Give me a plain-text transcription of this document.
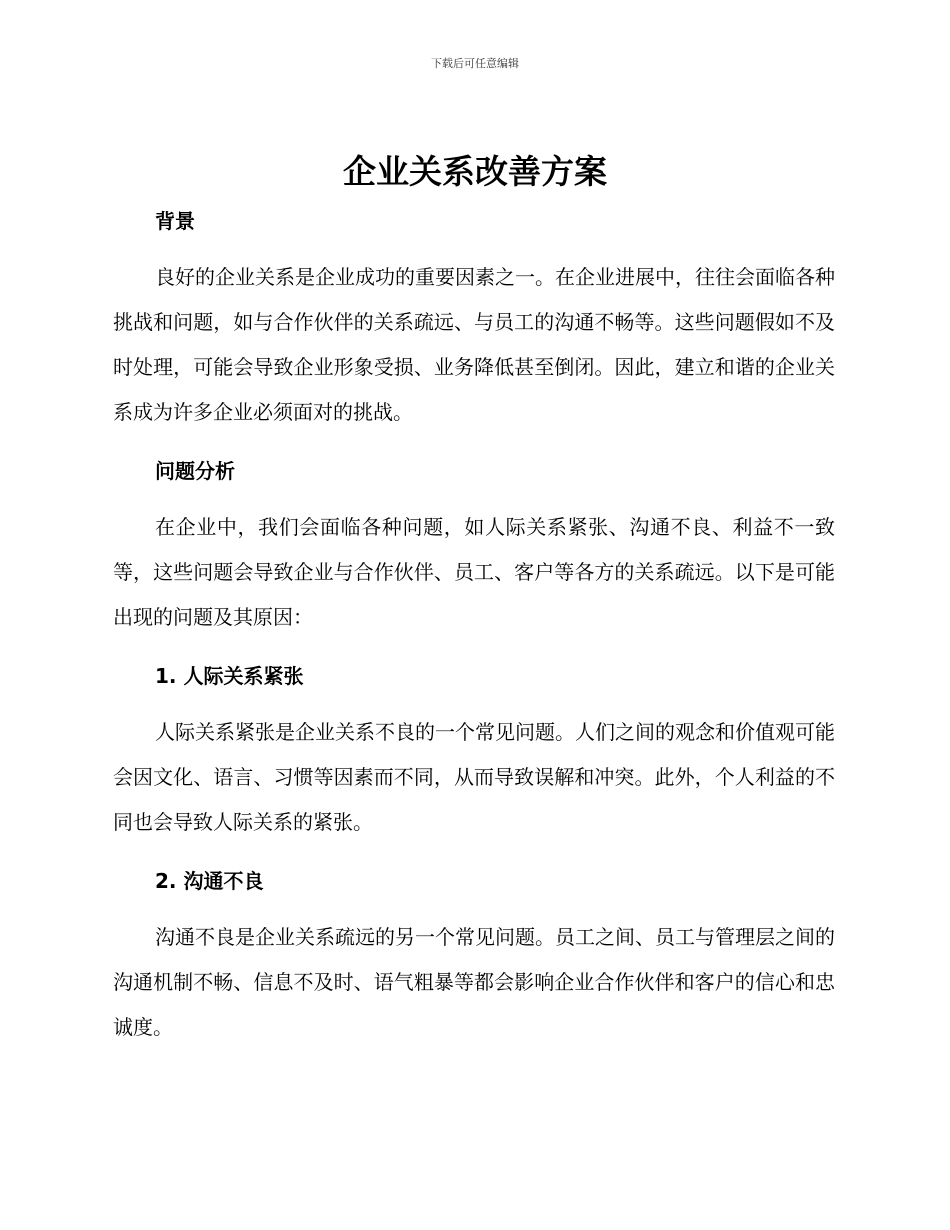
下载后可任意编辑
企业关系改善方案
背景

良好的企业关系是企业成功的重要因素之一。在企业进展中，往往会面临各种挑战和问题，如与合作伙伴的关系疏远、与员工的沟通不畅等。这些问题假如不及时处理，可能会导致企业形象受损、业务降低甚至倒闭。因此，建立和谐的企业关系成为许多企业必须面对的挑战。

问题分析

在企业中，我们会面临各种问题，如人际关系紧张、沟通不良、利益不一致等，这些问题会导致企业与合作伙伴、员工、客户等各方的关系疏远。以下是可能出现的问题及其原因：

1. 人际关系紧张

人际关系紧张是企业关系不良的一个常见问题。人们之间的观念和价值观可能会因文化、语言、习惯等因素而不同，从而导致误解和冲突。此外，个人利益的不同也会导致人际关系的紧张。

2. 沟通不良

沟通不良是企业关系疏远的另一个常见问题。员工之间、员工与管理层之间的沟通机制不畅、信息不及时、语气粗暴等都会影响企业合作伙伴和客户的信心和忠诚度。
